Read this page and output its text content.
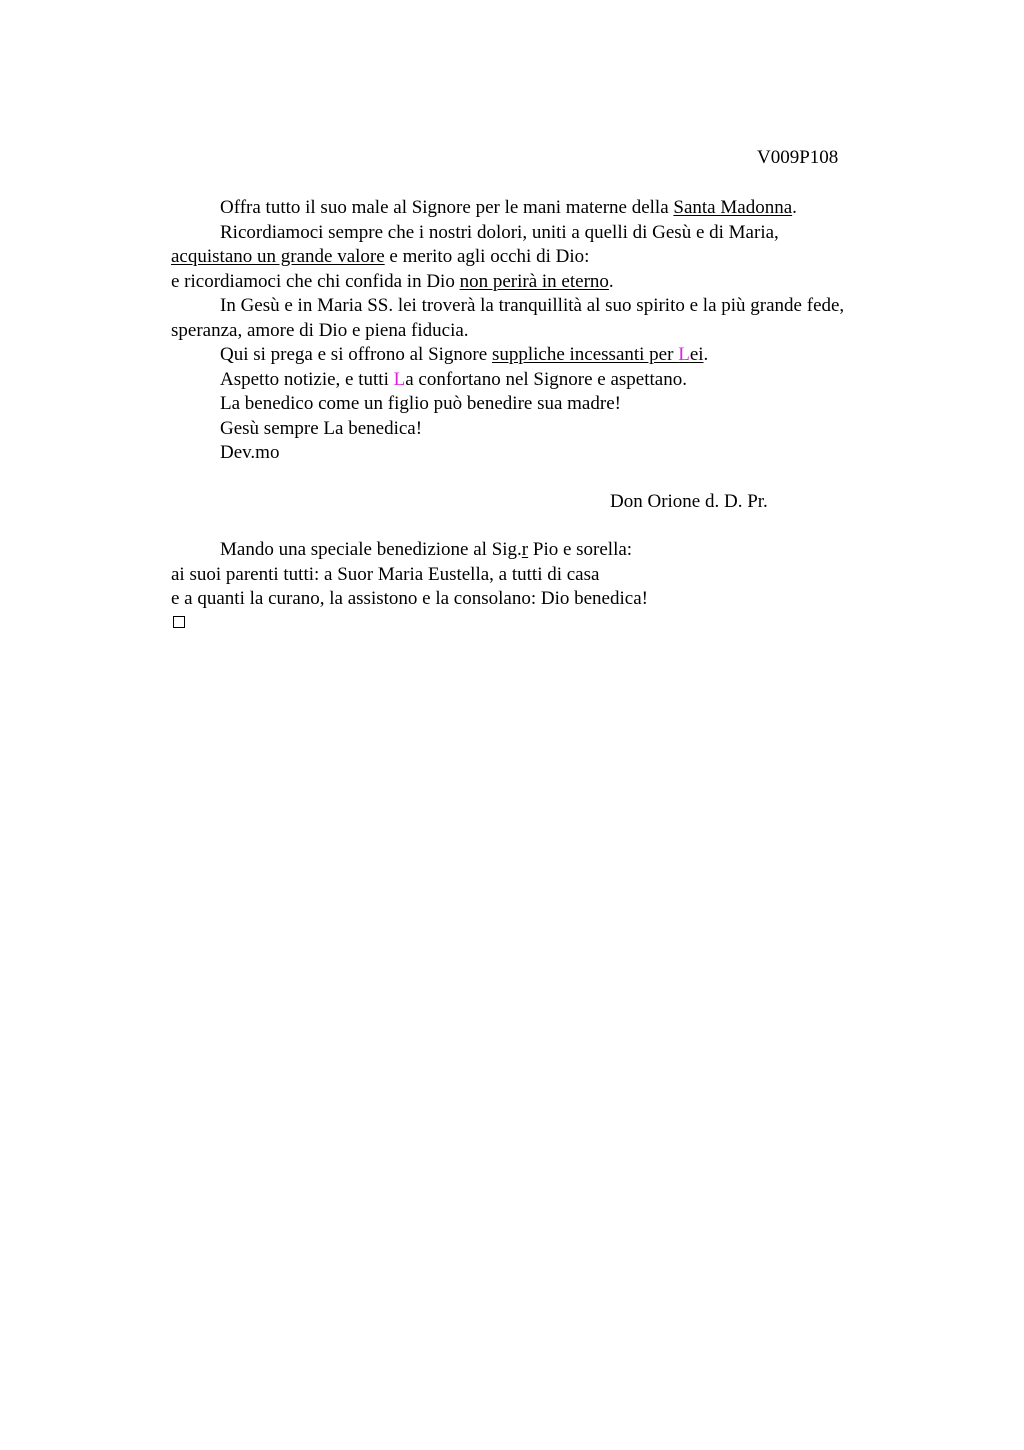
V009P108
Offra tutto il suo male al Signore per le mani materne della Santa Madonna.
Ricordiamoci sempre che i nostri dolori, uniti a quelli di Gesù e di Maria,
acquistano un grande valore e merito agli occhi di Dio:
e ricordiamoci che chi confida in Dio non perirà in eterno.
In Gesù e in Maria SS. lei troverà la tranquillità al suo spirito e la più grande fede,
speranza, amore di Dio e piena fiducia.
Qui si prega e si offrono al Signore suppliche incessanti per Lei.
Aspetto notizie, e tutti La confortano nel Signore e aspettano.
La benedico come un figlio può benedire sua madre!
Gesù sempre La benedica!
Dev.mo
Don Orione d. D. Pr.
Mando una speciale benedizione al Sig.r Pio e sorella:
ai suoi parenti tutti: a Suor Maria Eustella, a tutti di casa
e a quanti la curano, la assistono e la consolano: Dio benedica!
